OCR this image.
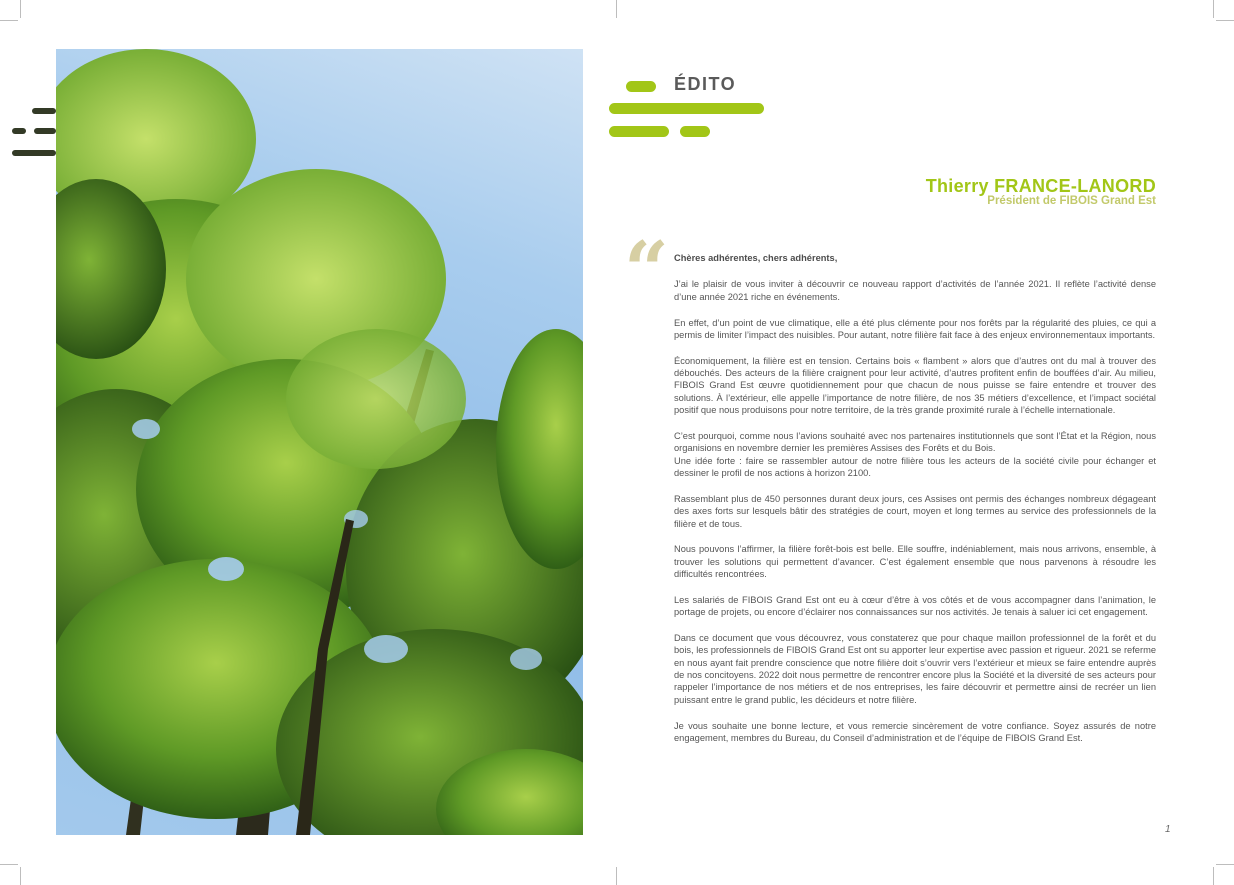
ÉDITO
Thierry FRANCE-LANORD
Président de FIBOIS Grand Est
“ Chères adhérentes, chers adhérents,

J’ai le plaisir de vous inviter à découvrir ce nouveau rapport d’activités de l’année 2021. Il reflète l’activité dense d’une année 2021 riche en événements.

En effet, d’un point de vue climatique, elle a été plus clémente pour nos forêts par la régularité des pluies, ce qui a permis de limiter l’impact des nuisibles. Pour autant, notre filière fait face à des enjeux environnementaux importants.

Économiquement, la filière est en tension. Certains bois « flambent » alors que d’autres ont du mal à trouver des débouchés. Des acteurs de la filière craignent pour leur activité, d’autres profitent enfin de bouffées d’air. Au milieu, FIBOIS Grand Est œuvre quotidiennement pour que chacun de nous puisse se faire entendre et trouver des solutions. À l’extérieur, elle appelle l’importance de notre filière, de nos 35 métiers d’excellence, et l’impact sociétal positif que nous produisons pour notre territoire, de la très grande proximité rurale à l’échelle internationale.

C’est pourquoi, comme nous l’avions souhaité avec nos partenaires institutionnels que sont l’État et la Région, nous organisions en novembre dernier les premières Assises des Forêts et du Bois.

Une idée forte : faire se rassembler autour de notre filière tous les acteurs de la société civile pour échanger et dessiner le profil de nos actions à horizon 2100.

Rassemblant plus de 450 personnes durant deux jours, ces Assises ont permis des échanges nombreux dégageant des axes forts sur lesquels bâtir des stratégies de court, moyen et long termes au service des professionnels de la filière et de tous.

Nous pouvons l’affirmer, la filière forêt-bois est belle. Elle souffre, indéniablement, mais nous arrivons, ensemble, à trouver les solutions qui permettent d’avancer. C’est également ensemble que nous parvenons à résoudre les difficultés rencontrées.

Les salariés de FIBOIS Grand Est ont eu à cœur d’être à vos côtés et de vous accompagner dans l’animation, le portage de projets, ou encore d’éclairer nos connaissances sur nos activités. Je tenais à saluer ici cet engagement.

Dans ce document que vous découvrez, vous constaterez que pour chaque maillon professionnel de la forêt et du bois, les professionnels de FIBOIS Grand Est ont su apporter leur expertise avec passion et rigueur. 2021 se referme en nous ayant fait prendre conscience que notre filière doit s’ouvrir vers l’extérieur et mieux se faire entendre auprès de nos concitoyens. 2022 doit nous permettre de rencontrer encore plus la Société et la diversité de ses acteurs pour rappeler l’importance de nos métiers et de nos entreprises, les faire découvrir et permettre ainsi de recréer un lien puissant entre le grand public, les décideurs et notre filière.

Je vous souhaite une bonne lecture, et vous remercie sincèrement de votre confiance. Soyez assurés de notre engagement, membres du Bureau, du Conseil d’administration et de l’équipe de FIBOIS Grand Est.

1
